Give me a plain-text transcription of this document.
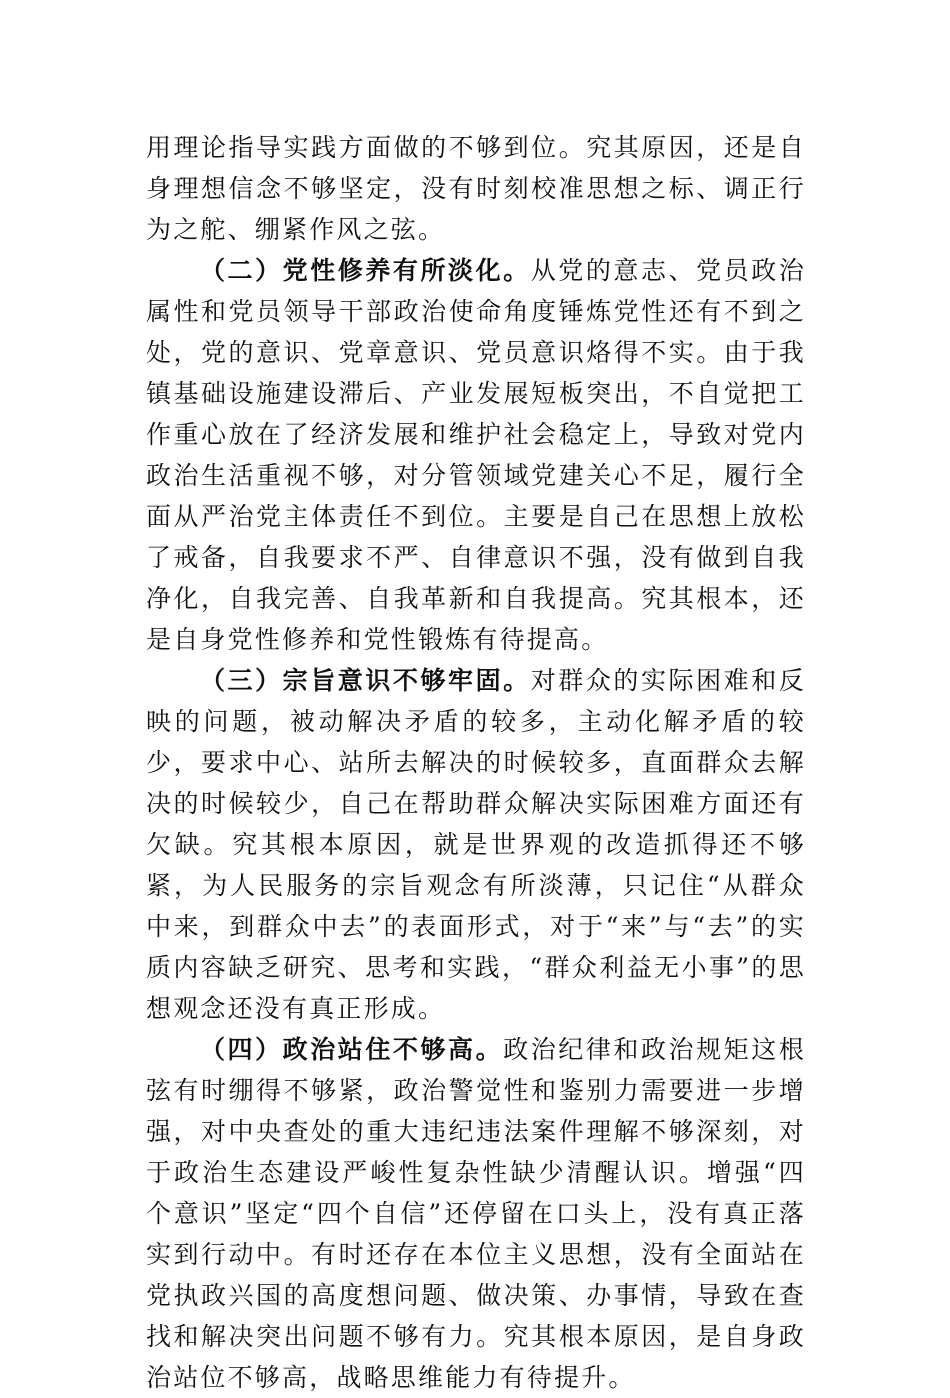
用理论指导实践方面做的不够到位。究其原因，还是自身理想信念不够坚定，没有时刻校准思想之标、调正行为之舵、绷紧作风之弦。

（二）党性修养有所淡化。从党的意志、党员政治属性和党员领导干部政治使命角度锤炼党性还有不到之处，党的意识、党章意识、党员意识烙得不实。由于我镇基础设施建设滞后、产业发展短板突出，不自觉把工作重心放在了经济发展和维护社会稳定上，导致对党内政治生活重视不够，对分管领域党建关心不足，履行全面从严治党主体责任不到位。主要是自己在思想上放松了戒备，自我要求不严、自律意识不强，没有做到自我净化，自我完善、自我革新和自我提高。究其根本，还是自身党性修养和党性锻炼有待提高。

（三）宗旨意识不够牢固。对群众的实际困难和反映的问题，被动解决矛盾的较多，主动化解矛盾的较少，要求中心、站所去解决的时候较多，直面群众去解决的时候较少，自己在帮助群众解决实际困难方面还有欠缺。究其根本原因，就是世界观的改造抓得还不够紧，为人民服务的宗旨观念有所淡薄，只记住“从群众中来，到群众中去”的表面形式，对于“来”与“去”的实质内容缺乏研究、思考和实践，“群众利益无小事”的思想观念还没有真正形成。

（四）政治站住不够高。政治纪律和政治规矩这根弦有时绷得不够紧，政治警觉性和鉴别力需要进一步增强，对中央查处的重大违纪违法案件理解不够深刻，对于政治生态建设严峻性复杂性缺少清醒认识。增强“四个意识”坚定“四个自信”还停留在口头上，没有真正落实到行动中。有时还存在本位主义思想，没有全面站在党执政兴国的高度想问题、做决策、办事情，导致在查找和解决突出问题不够有力。究其根本原因，是自身政治站位不够高，战略思维能力有待提升。
